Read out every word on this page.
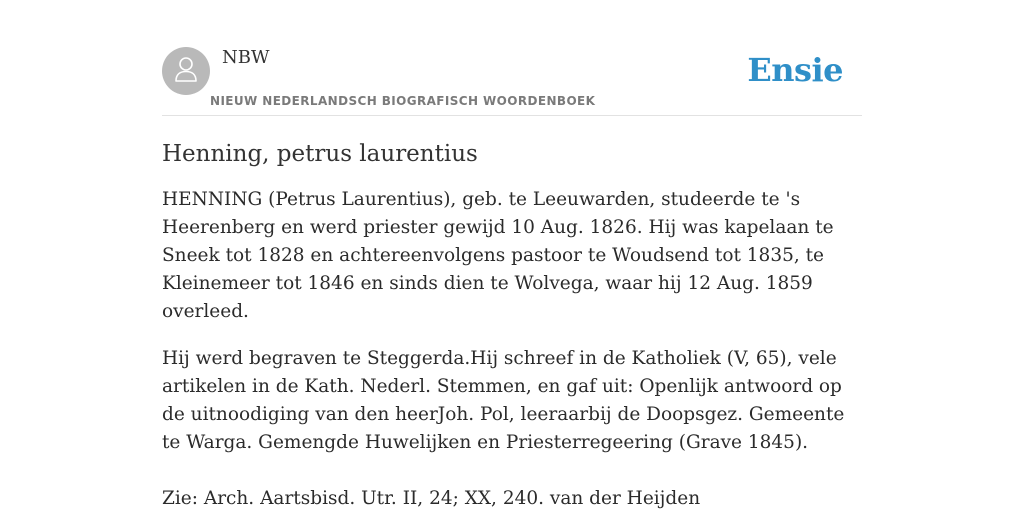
NBW
NIEUW NEDERLANDSCH BIOGRAFISCH WOORDENBOEK
Ensie
Henning, petrus laurentius

HENNING (Petrus Laurentius), geb. te Leeuwarden, studeerde te 's Heerenberg en werd priester gewijd 10 Aug. 1826. Hij was kapelaan te Sneek tot 1828 en achtereenvolgens pastoor te Woudsend tot 1835, te Kleinemeer tot 1846 en sinds dien te Wolvega, waar hij 12 Aug. 1859 overleed.

Hij werd begraven te Steggerda.Hij schreef in de Katholiek (V, 65), vele artikelen in de Kath. Nederl. Stemmen, en gaf uit: Openlijk antwoord op de uitnoodiging van den heerJoh. Pol, leeraarbij de Doopsgez. Gemeente te Warga. Gemengde Huwelijken en Priesterregeering (Grave 1845).

Zie: Arch. Aartsbisd. Utr. II, 24; XX, 240. van der Heijden
